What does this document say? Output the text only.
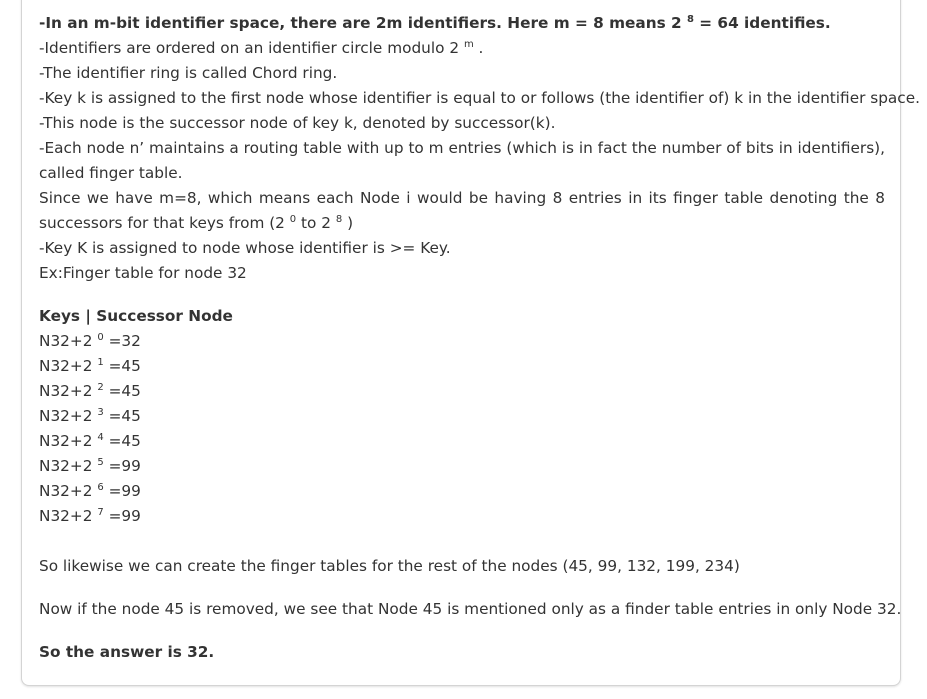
-In an m-bit identifier space, there are 2m identifiers. Here m = 8 means 2 $^8$ = 64 identifies.
-Identifiers are ordered on an identifier circle modulo 2 $^m$ .
-The identifier ring is called Chord ring.
-Key k is assigned to the first node whose identifier is equal to or follows (the identifier of) k in the identifier space.
-This node is the successor node of key k, denoted by successor(k).
-Each node n’ maintains a routing table with up to m entries (which is in fact the number of bits in identifiers), called finger table.
Since we have m=8, which means each Node i would be having 8 entries in its finger table denoting the 8 successors for that keys from (2 $^0$ to 2 $^8$ )
-Key K is assigned to node whose identifier is >= Key.
Ex:Finger table for node 32
Keys | Successor Node
N32+2 $^0$ =32
N32+2 $^1$ =45
N32+2 $^2$ =45
N32+2 $^3$ =45
N32+2 $^4$ =45
N32+2 $^5$ =99
N32+2 $^6$ =99
N32+2 $^7$ =99
So likewise we can create the finger tables for the rest of the nodes (45, 99, 132, 199, 234)
Now if the node 45 is removed, we see that Node 45 is mentioned only as a finder table entries in only Node 32.
So the answer is 32.
